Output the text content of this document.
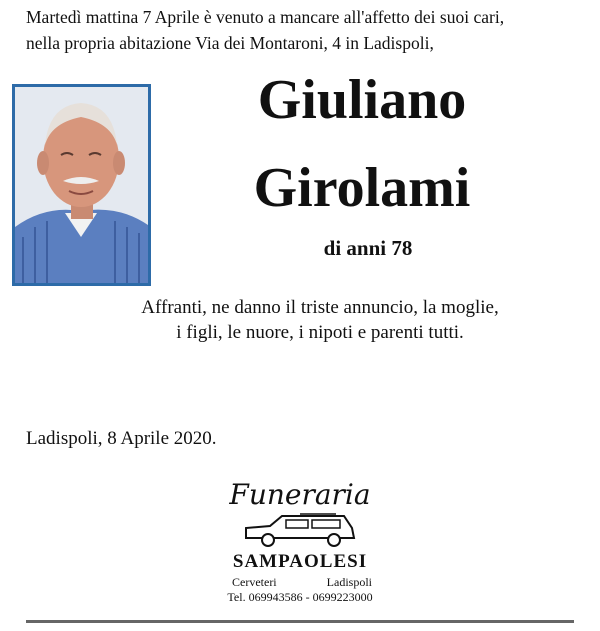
Martedì mattina 7 Aprile è venuto a mancare all'affetto dei suoi cari,
nella propria abitazione Via dei Montaroni, 4 in Ladispoli,
Giuliano
Girolami
di anni 78
Affranti, ne danno il triste annuncio, la moglie,
i figli, le nuore, i nipoti e parenti tutti.
Ladispoli, 8 Aprile 2020.
Funeraria
SAMPAOLESI
Cerveteri	Ladispoli
Tel. 069943586 - 0699223000
